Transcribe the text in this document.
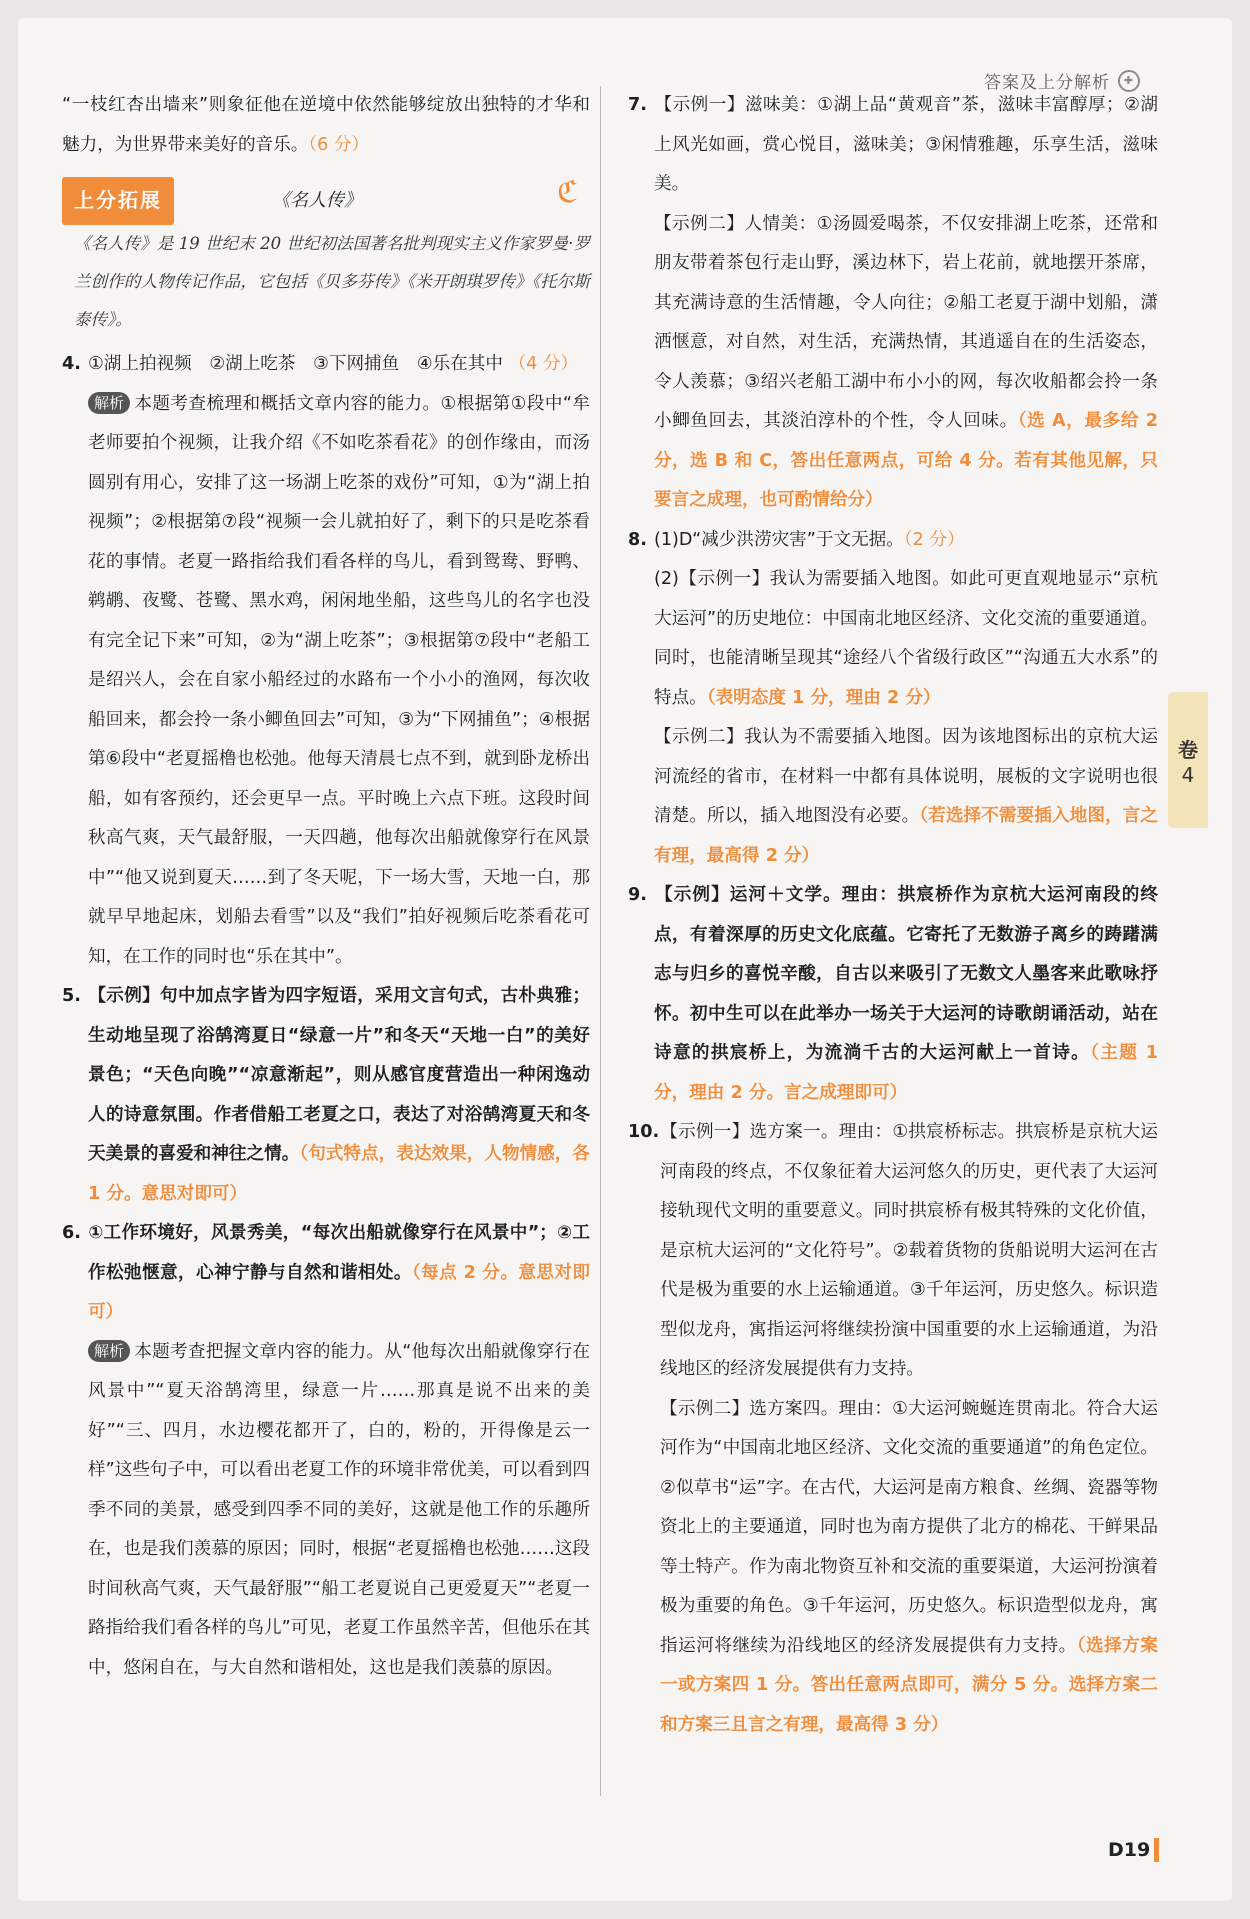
答案及上分解析	✚

“一枝红杏出墙来”则象征他在逆境中依然能够绽放出独特的才华和魅力，为世界带来美好的音乐。（6 分）

上分拓展	《名人传》	ℭ

《名人传》是 19 世纪末 20 世纪初法国著名批判现实主义作家罗曼·罗兰创作的人物传记作品，它包括《贝多芬传》《米开朗琪罗传》《托尔斯泰传》。

4. ①湖上拍视频　②湖上吃茶　③下网捕鱼　④乐在其中 （4 分）

解析 本题考查梳理和概括文章内容的能力。①根据第①段中“牟老师要拍个视频，让我介绍《不如吃茶看花》的创作缘由，而汤圆别有用心，安排了这一场湖上吃茶的戏份”可知，①为“湖上拍视频”；②根据第⑦段“视频一会儿就拍好了，剩下的只是吃茶看花的事情。老夏一路指给我们看各样的鸟儿，看到鸳鸯、野鸭、鹈鹕、夜鹭、苍鹭、黑水鸡，闲闲地坐船，这些鸟儿的名字也没有完全记下来”可知，②为“湖上吃茶”；③根据第⑦段中“老船工是绍兴人，会在自家小船经过的水路布一个小小的渔网，每次收船回来，都会拎一条小鲫鱼回去”可知，③为“下网捕鱼”；④根据第⑥段中“老夏摇橹也松弛。他每天清晨七点不到，就到卧龙桥出船，如有客预约，还会更早一点。平时晚上六点下班。这段时间秋高气爽，天气最舒服，一天四趟，他每次出船就像穿行在风景中”“他又说到夏天……到了冬天呢，下一场大雪，天地一白，那就早早地起床，划船去看雪”以及“我们”拍好视频后吃茶看花可知，在工作的同时也“乐在其中”。

5. 【示例】句中加点字皆为四字短语，采用文言句式，古朴典雅；生动地呈现了浴鹄湾夏日“绿意一片”和冬天“天地一白”的美好景色；“天色向晚”“凉意渐起”，则从感官度营造出一种闲逸动人的诗意氛围。作者借船工老夏之口，表达了对浴鹄湾夏天和冬天美景的喜爱和神往之情。（句式特点，表达效果，人物情感，各 1 分。意思对即可）

6. ①工作环境好，风景秀美，“每次出船就像穿行在风景中”；②工作松弛惬意，心神宁静与自然和谐相处。（每点 2 分。意思对即可）

解析 本题考查把握文章内容的能力。从“他每次出船就像穿行在风景中”“夏天浴鹄湾里，绿意一片……那真是说不出来的美好”“三、四月，水边樱花都开了，白的，粉的，开得像是云一样”这些句子中，可以看出老夏工作的环境非常优美，可以看到四季不同的美景，感受到四季不同的美好，这就是他工作的乐趣所在，也是我们羡慕的原因；同时，根据“老夏摇橹也松弛……这段时间秋高气爽，天气最舒服”“船工老夏说自己更爱夏天”“老夏一路指给我们看各样的鸟儿”可见，老夏工作虽然辛苦，但他乐在其中，悠闲自在，与大自然和谐相处，这也是我们羡慕的原因。

7. 【示例一】滋味美：①湖上品“黄观音”茶，滋味丰富醇厚；②湖上风光如画，赏心悦目，滋味美；③闲情雅趣，乐享生活，滋味美。

【示例二】人情美：①汤圆爱喝茶，不仅安排湖上吃茶，还常和朋友带着茶包行走山野，溪边林下，岩上花前，就地摆开茶席，其充满诗意的生活情趣，令人向往；②船工老夏于湖中划船，潇洒惬意，对自然，对生活，充满热情，其逍遥自在的生活姿态，令人羡慕；③绍兴老船工湖中布小小的网，每次收船都会拎一条小鲫鱼回去，其淡泊淳朴的个性，令人回味。（选 A，最多给 2 分，选 B 和 C，答出任意两点，可给 4 分。若有其他见解，只要言之成理，也可酌情给分）

8. (1)D“减少洪涝灾害”于文无据。（2 分）

(2)【示例一】我认为需要插入地图。如此可更直观地显示“京杭大运河”的历史地位：中国南北地区经济、文化交流的重要通道。同时，也能清晰呈现其“途经八个省级行政区”“沟通五大水系”的特点。（表明态度 1 分，理由 2 分）

【示例二】我认为不需要插入地图。因为该地图标出的京杭大运河流经的省市，在材料一中都有具体说明，展板的文字说明也很清楚。所以，插入地图没有必要。（若选择不需要插入地图，言之有理，最高得 2 分）

9. 【示例】运河＋文学。理由：拱宸桥作为京杭大运河南段的终点，有着深厚的历史文化底蕴。它寄托了无数游子离乡的踌躇满志与归乡的喜悦辛酸，自古以来吸引了无数文人墨客来此歌咏抒怀。初中生可以在此举办一场关于大运河的诗歌朗诵活动，站在诗意的拱宸桥上，为流淌千古的大运河献上一首诗。（主题 1 分，理由 2 分。言之成理即可）

10.【示例一】选方案一。理由：①拱宸桥标志。拱宸桥是京杭大运河南段的终点，不仅象征着大运河悠久的历史，更代表了大运河接轨现代文明的重要意义。同时拱宸桥有极其特殊的文化价值，是京杭大运河的“文化符号”。②载着货物的货船说明大运河在古代是极为重要的水上运输通道。③千年运河，历史悠久。标识造型似龙舟，寓指运河将继续扮演中国重要的水上运输通道，为沿线地区的经济发展提供有力支持。

【示例二】选方案四。理由：①大运河蜿蜒连贯南北。符合大运河作为“中国南北地区经济、文化交流的重要通道”的角色定位。②似草书“运”字。在古代，大运河是南方粮食、丝绸、瓷器等物资北上的主要通道，同时也为南方提供了北方的棉花、干鲜果品等土特产。作为南北物资互补和交流的重要渠道，大运河扮演着极为重要的角色。③千年运河，历史悠久。标识造型似龙舟，寓指运河将继续为沿线地区的经济发展提供有力支持。（选择方案一或方案四 1 分。答出任意两点即可，满分 5 分。选择方案二和方案三且言之有理，最高得 3 分）

卷
4
D19
